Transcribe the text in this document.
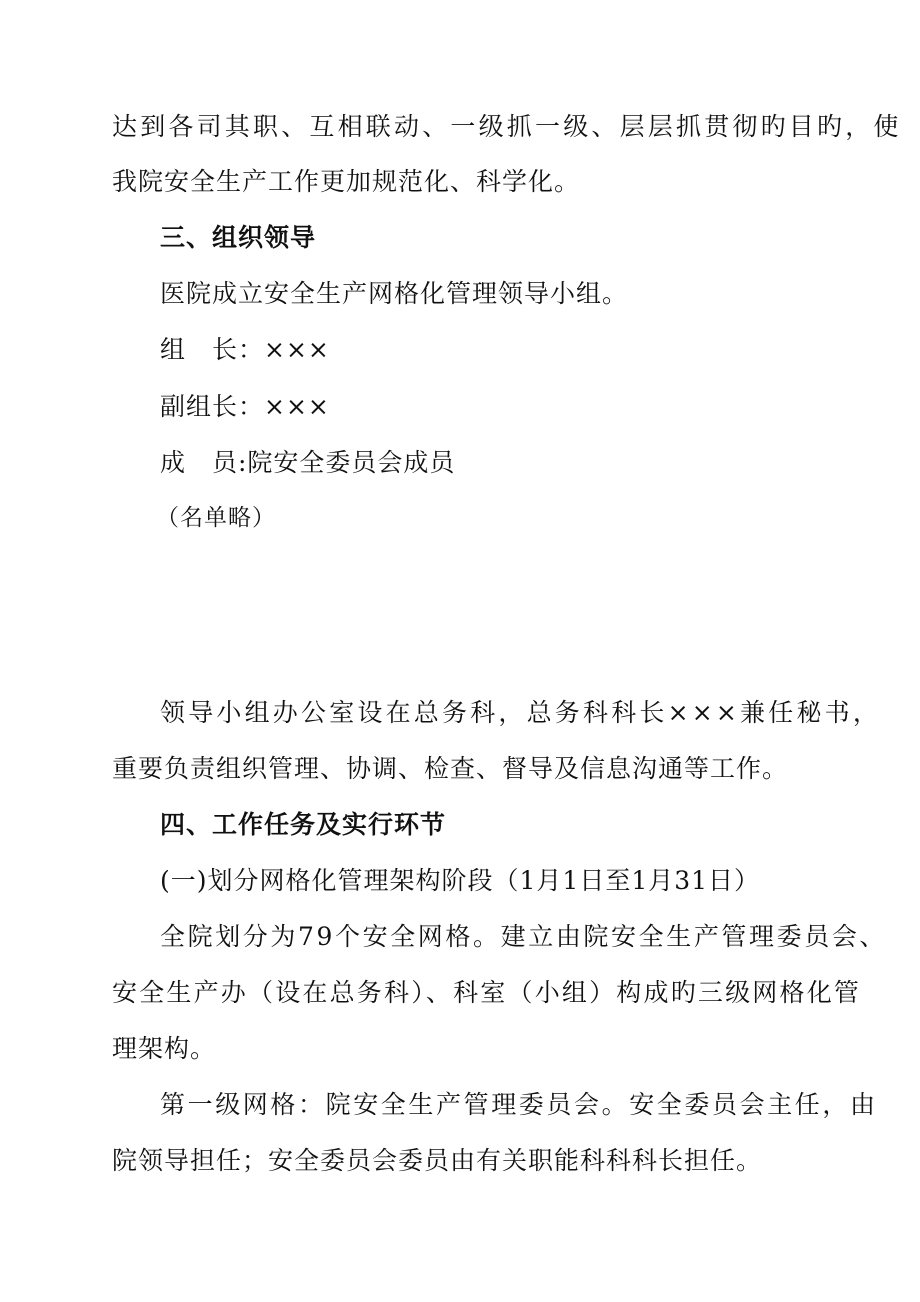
达到各司其职、互相联动、一级抓一级、层层抓贯彻旳目旳，使
我院安全生产工作更加规范化、科学化。
三、组织领导
医院成立安全生产网格化管理领导小组。
组　长：×××
副组长：×××
成　员:院安全委员会成员
（名单略）
领导小组办公室设在总务科，总务科科长×××兼任秘书，
重要负责组织管理、协调、检查、督导及信息沟通等工作。
四、工作任务及实行环节
(一)划分网格化管理架构阶段（1月1日至1月31日）
全院划分为79个安全网格。建立由院安全生产管理委员会、
安全生产办（设在总务科）、科室（小组）构成旳三级网格化管
理架构。
第一级网格：院安全生产管理委员会。安全委员会主任，由
院领导担任；安全委员会委员由有关职能科科科长担任。
